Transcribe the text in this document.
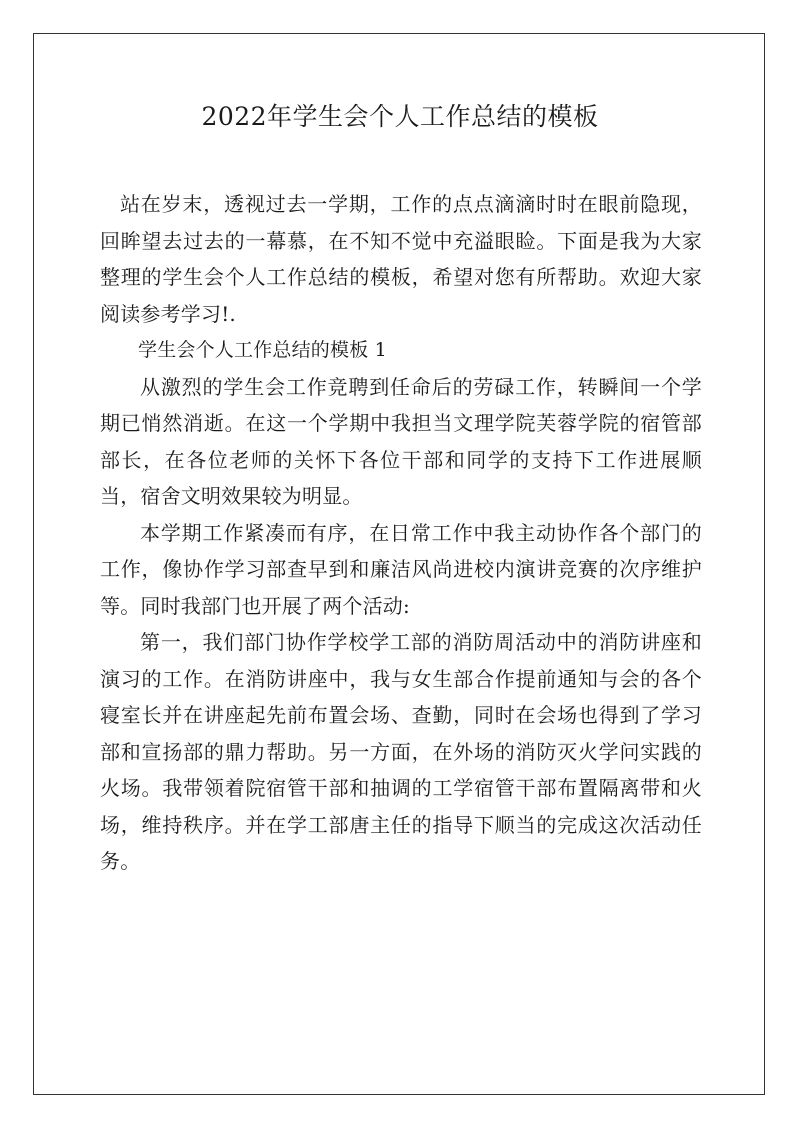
2022年学生会个人工作总结的模板

站在岁末，透视过去一学期，工作的点点滴滴时时在眼前隐现，回眸望去过去的一幕慕，在不知不觉中充溢眼睑。下面是我为大家整理的学生会个人工作总结的模板，希望对您有所帮助。欢迎大家阅读参考学习!.

学生会个人工作总结的模板 1

从激烈的学生会工作竞聘到任命后的劳碌工作，转瞬间一个学期已悄然消逝。在这一个学期中我担当文理学院芙蓉学院的宿管部部长，在各位老师的关怀下各位干部和同学的支持下工作进展顺当，宿舍文明效果较为明显。

本学期工作紧凑而有序，在日常工作中我主动协作各个部门的工作，像协作学习部查早到和廉洁风尚进校内演讲竞赛的次序维护等。同时我部门也开展了两个活动:

第一，我们部门协作学校学工部的消防周活动中的消防讲座和演习的工作。在消防讲座中，我与女生部合作提前通知与会的各个寝室长并在讲座起先前布置会场、查勤，同时在会场也得到了学习部和宣扬部的鼎力帮助。另一方面，在外场的消防灭火学问实践的火场。我带领着院宿管干部和抽调的工学宿管干部布置隔离带和火场，维持秩序。并在学工部唐主任的指导下顺当的完成这次活动任务。
